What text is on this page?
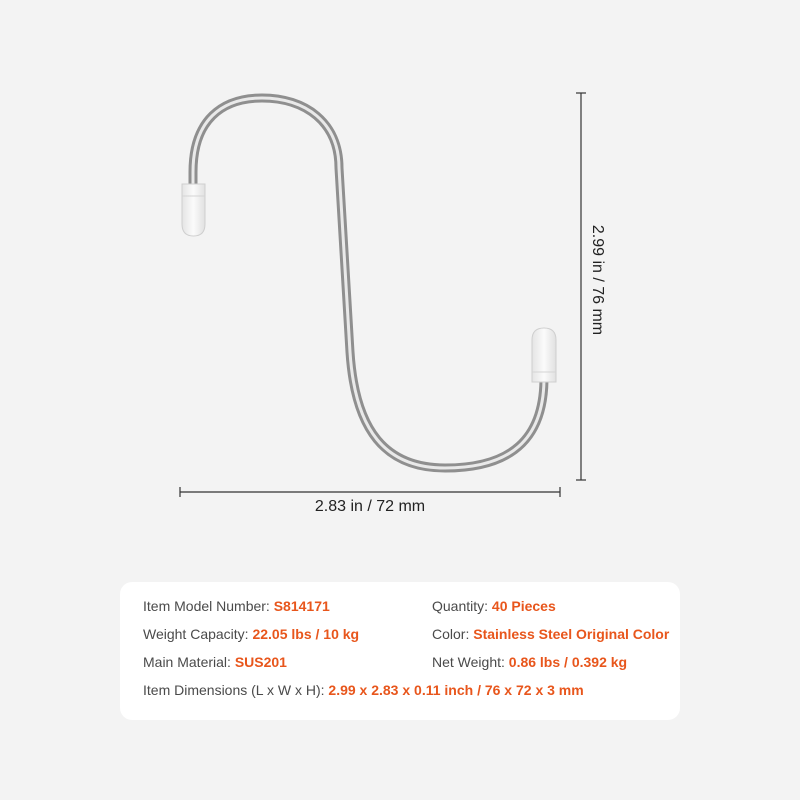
2.83 in / 72 mm
2.99 in / 76 mm
Item Model Number: S814171	Quantity: 40 Pieces
Weight Capacity: 22.05 lbs / 10 kg	Color: Stainless Steel Original Color
Main Material: SUS201	Net Weight: 0.86 lbs / 0.392 kg
Item Dimensions (L x W x H): 2.99 x 2.83 x 0.11 inch / 76 x 72 x 3 mm
